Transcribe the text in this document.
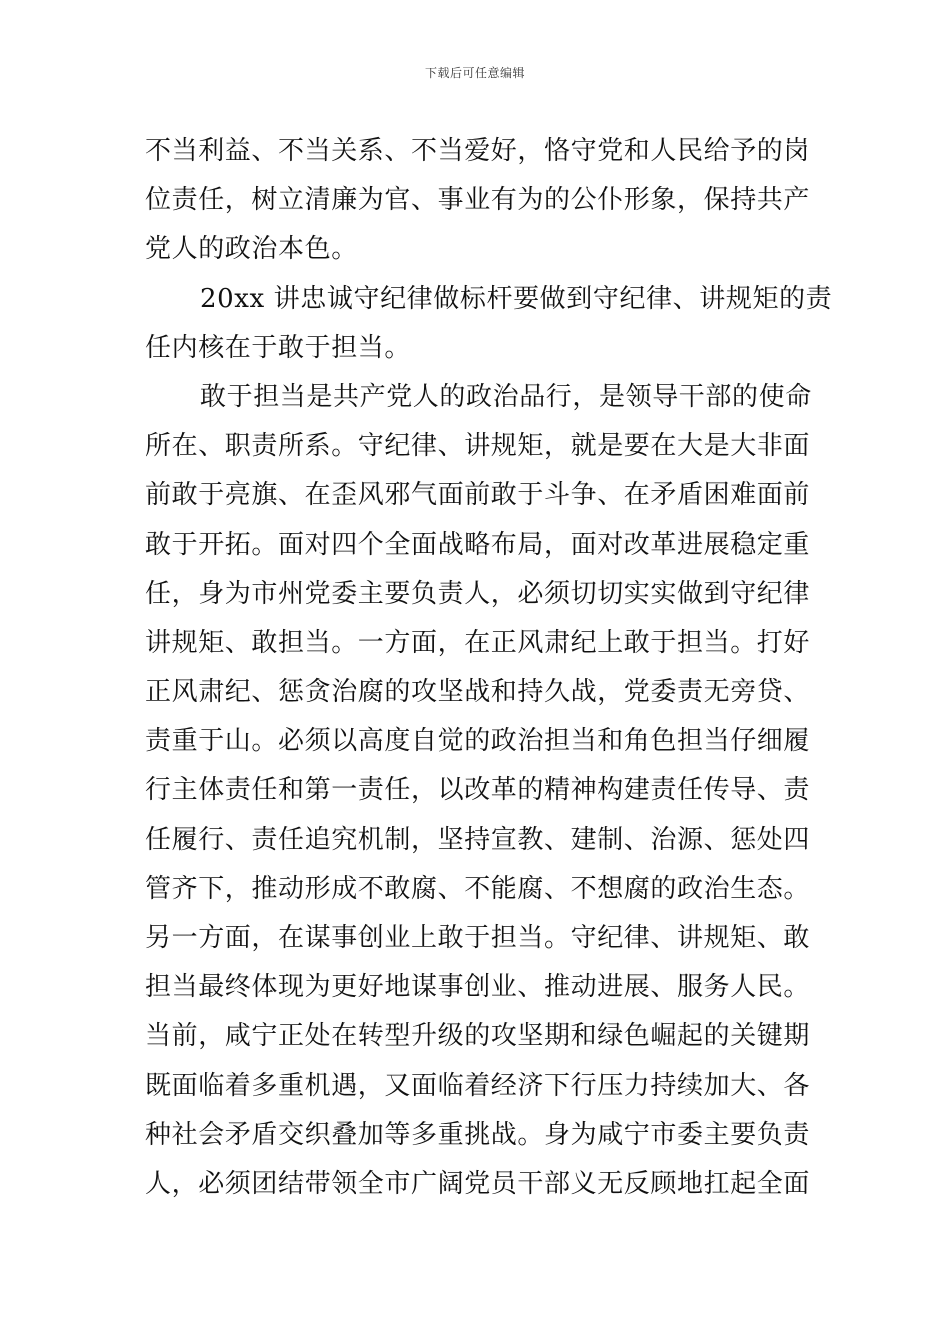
下载后可任意编辑
不当利益、不当关系、不当爱好，恪守党和人民给予的岗
位责任，树立清廉为官、事业有为的公仆形象，保持共产
党人的政治本色。
20xx 讲忠诚守纪律做标杆要做到守纪律、讲规矩的责
任内核在于敢于担当。
敢于担当是共产党人的政治品行，是领导干部的使命
所在、职责所系。守纪律、讲规矩，就是要在大是大非面
前敢于亮旗、在歪风邪气面前敢于斗争、在矛盾困难面前
敢于开拓。面对四个全面战略布局，面对改革进展稳定重
任，身为市州党委主要负责人，必须切切实实做到守纪律
讲规矩、敢担当。一方面，在正风肃纪上敢于担当。打好
正风肃纪、惩贪治腐的攻坚战和持久战，党委责无旁贷、
责重于山。必须以高度自觉的政治担当和角色担当仔细履
行主体责任和第一责任，以改革的精神构建责任传导、责
任履行、责任追究机制，坚持宣教、建制、治源、惩处四
管齐下，推动形成不敢腐、不能腐、不想腐的政治生态。
另一方面，在谋事创业上敢于担当。守纪律、讲规矩、敢
担当最终体现为更好地谋事创业、推动进展、服务人民。
当前，咸宁正处在转型升级的攻坚期和绿色崛起的关键期
既面临着多重机遇，又面临着经济下行压力持续加大、各
种社会矛盾交织叠加等多重挑战。身为咸宁市委主要负责
人，必须团结带领全市广阔党员干部义无反顾地扛起全面
